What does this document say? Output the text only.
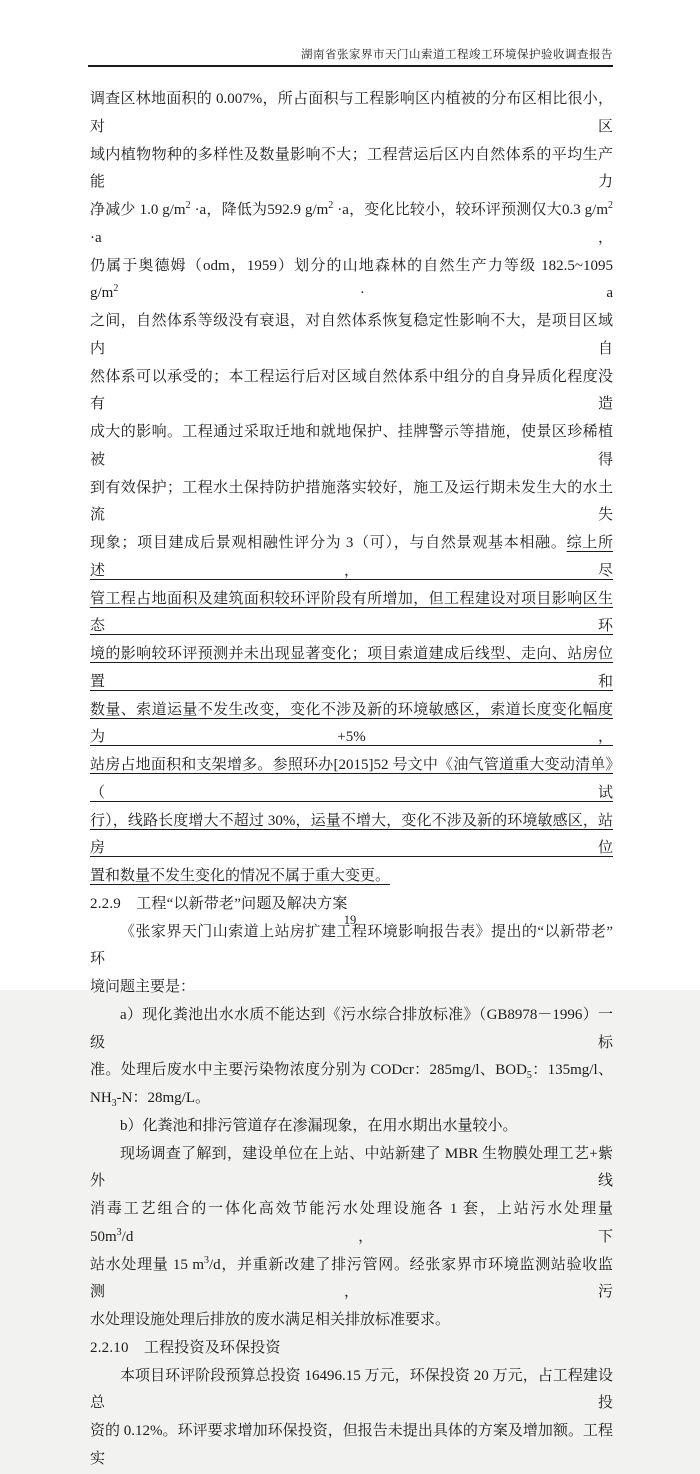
湖南省张家界市天门山索道工程竣工环境保护验收调查报告
调查区林地面积的 0.007%，所占面积与工程影响区内植被的分布区相比很小，对区
域内植物物种的多样性及数量影响不大；工程营运后区内自然体系的平均生产能力
净减少 1.0 $g/m^2 \cdot a$，降低为592.9 $g/m^2 \cdot a$，变化比较小，较环评预测仅大0.3 $g/m^2 \cdot a$，
仍属于奥德姆（odm，1959）划分的山地森林的自然生产力等级 182.5~1095 $g/m^2 \cdot a$
之间，自然体系等级没有衰退，对自然体系恢复稳定性影响不大，是项目区域内自
然体系可以承受的；本工程运行后对区域自然体系中组分的自身异质化程度没有造
成大的影响。工程通过采取迁地和就地保护、挂牌警示等措施，使景区珍稀植被得
到有效保护；工程水土保持防护措施落实较好，施工及运行期未发生大的水土流失
现象；项目建成后景观相融性评分为 3（可），与自然景观基本相融。综上所述，尽
管工程占地面积及建筑面积较环评阶段有所增加，但工程建设对项目影响区生态环
境的影响较环评预测并未出现显著变化；项目索道建成后线型、走向、站房位置和
数量、索道运量不发生改变，变化不涉及新的环境敏感区，索道长度变化幅度为+5%，
站房占地面积和支架增多。参照环办[2015]52 号文中《油气管道重大变动清单》（试
行），线路长度增大不超过 30%，运量不增大，变化不涉及新的环境敏感区，站房位
置和数量不发生变化的情况不属于重大变更。
2.2.9　工程“以新带老”问题及解决方案
《张家界天门山索道上站房扩建工程环境影响报告表》提出的“以新带老”　环
境问题主要是：
a）现化粪池出水水质不能达到《污水综合排放标准》（GB8978－1996）一级标
准。处理后废水中主要污染物浓度分别为 CODcr：285mg/l、$BOD_5$：135mg/l、
$NH_3-N$：28mg/L。
b）化粪池和排污管道存在渗漏现象，在用水期出水量较小。
现场调查了解到，建设单位在上站、中站新建了 MBR 生物膜处理工艺+紫外线
消毒工艺组合的一体化高效节能污水处理设施各 1 套，上站污水处理量 $50m^3/d$，下
站水处理量 15 $m^3/d$，并重新改建了排污管网。经张家界市环境监测站验收监测，污
水处理设施处理后排放的废水满足相关排放标准要求。
2.2.10　工程投资及环保投资
本项目环评阶段预算总投资 16496.15 万元，环保投资 20 万元，占工程建设总投
资的 0.12%。环评要求增加环保投资，但报告未提出具体的方案及增加额。工程实
19
